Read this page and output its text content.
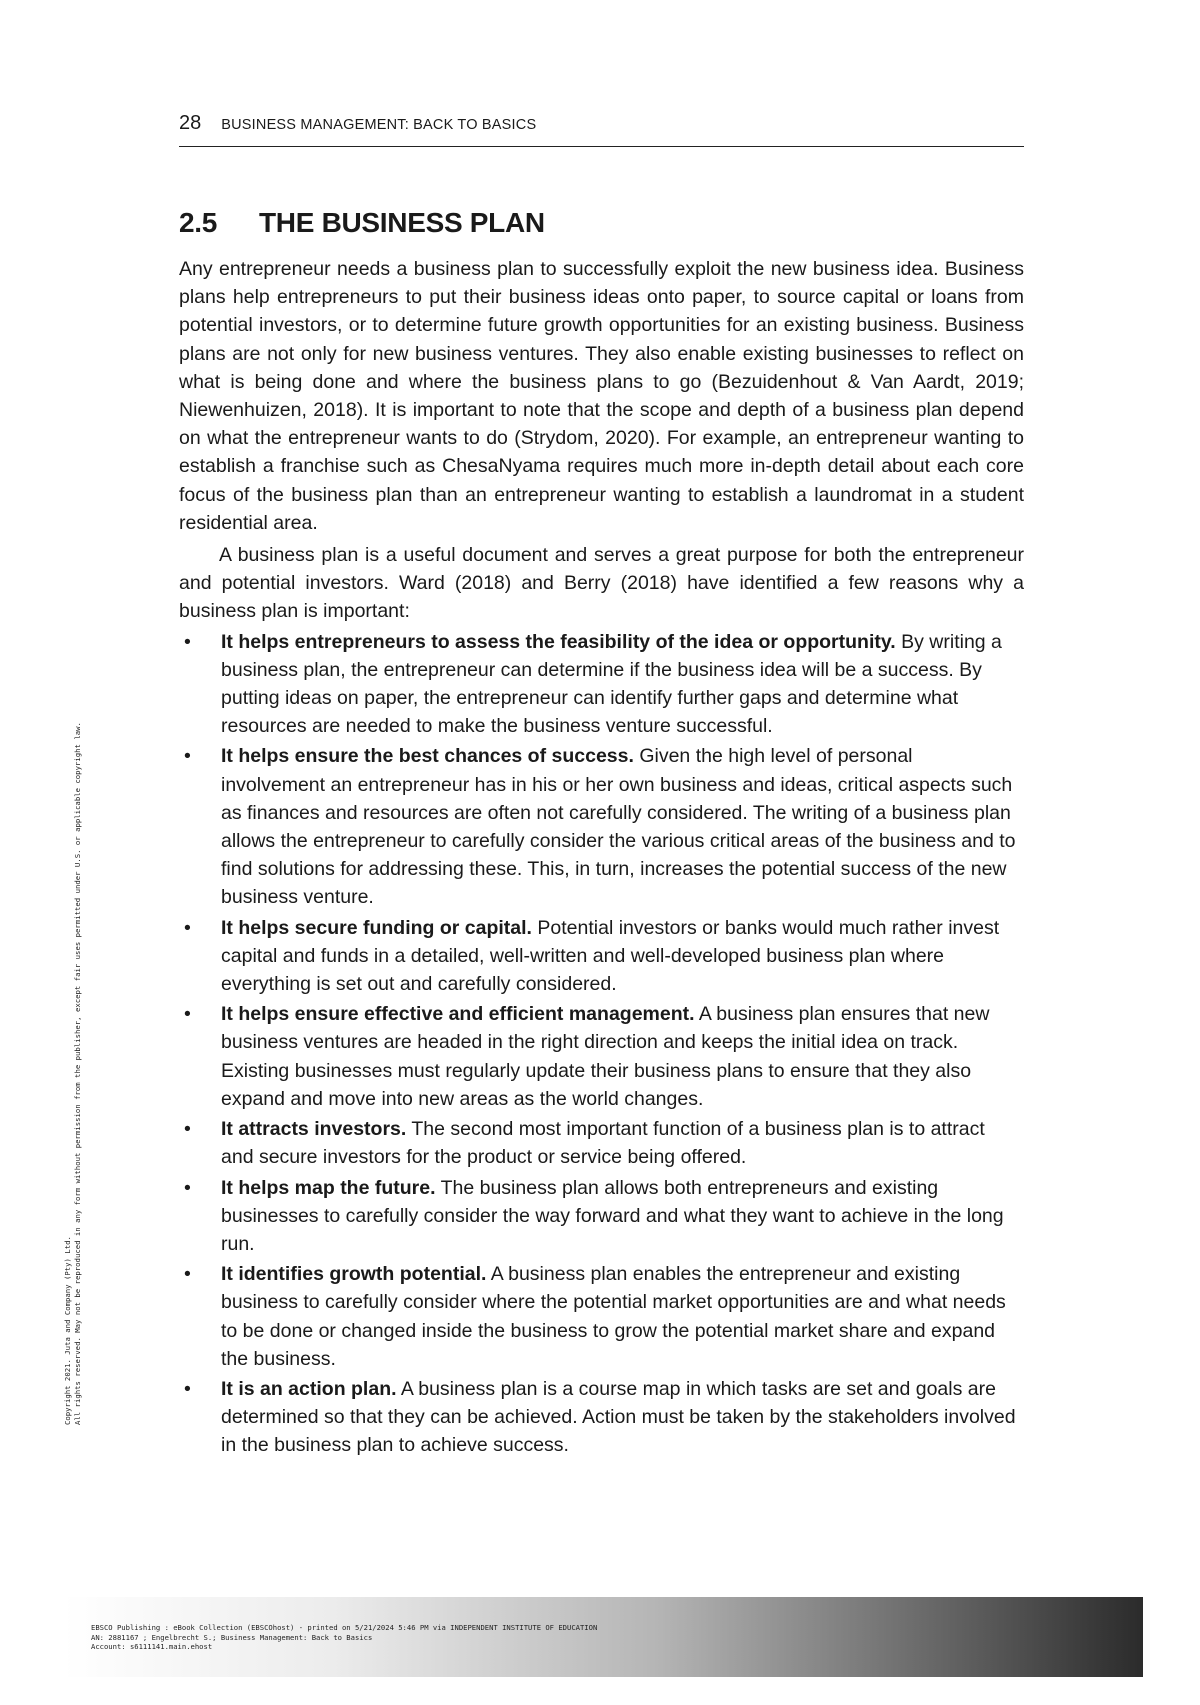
28 BUSINESS MANAGEMENT: BACK TO BASICS
2.5	THE BUSINESS PLAN

Any entrepreneur needs a business plan to successfully exploit the new business idea. Business plans help entrepreneurs to put their business ideas onto paper, to source capital or loans from potential investors, or to determine future growth opportunities for an existing business. Business plans are not only for new business ventures. They also enable existing businesses to reflect on what is being done and where the business plans to go (Bezuidenhout & Van Aardt, 2019; Niewenhuizen, 2018). It is important to note that the scope and depth of a business plan depend on what the entrepreneur wants to do (Strydom, 2020). For example, an entrepreneur wanting to establish a franchise such as ChesaNyama requires much more in-depth detail about each core focus of the business plan than an entrepreneur wanting to establish a laundromat in a student residential area.

A business plan is a useful document and serves a great purpose for both the entrepreneur and potential investors. Ward (2018) and Berry (2018) have identified a few reasons why a business plan is important:

• It helps entrepreneurs to assess the feasibility of the idea or opportunity. By writing a business plan, the entrepreneur can determine if the business idea will be a success. By putting ideas on paper, the entrepreneur can identify further gaps and determine what resources are needed to make the business venture successful.
• It helps ensure the best chances of success. Given the high level of personal involvement an entrepreneur has in his or her own business and ideas, critical aspects such as finances and resources are often not carefully considered. The writing of a business plan allows the entrepreneur to carefully consider the various critical areas of the business and to find solutions for addressing these. This, in turn, increases the potential success of the new business venture.
• It helps secure funding or capital. Potential investors or banks would much rather invest capital and funds in a detailed, well-written and well-developed business plan where everything is set out and carefully considered.
• It helps ensure effective and efficient management. A business plan ensures that new business ventures are headed in the right direction and keeps the initial idea on track. Existing businesses must regularly update their business plans to ensure that they also expand and move into new areas as the world changes.
• It attracts investors. The second most important function of a business plan is to attract and secure investors for the product or service being offered.
• It helps map the future. The business plan allows both entrepreneurs and existing businesses to carefully consider the way forward and what they want to achieve in the long run.
• It identifies growth potential. A business plan enables the entrepreneur and existing business to carefully consider where the potential market opportunities are and what needs to be done or changed inside the business to grow the potential market share and expand the business.
• It is an action plan. A business plan is a course map in which tasks are set and goals are determined so that they can be achieved. Action must be taken by the stakeholders involved in the business plan to achieve success.
Copyright 2021. Juta and Company (Pty) Ltd. All rights reserved. May not be reproduced in any form without permission from the publisher, except fair uses permitted under U.S. or applicable copyright law.
EBSCO Publishing : eBook Collection (EBSCOhost) - printed on 5/21/2024 5:46 PM via INDEPENDENT INSTITUTE OF EDUCATION
AN: 2881167 ; Engelbrecht S.; Business Management: Back to Basics
Account: s6111141.main.ehost
